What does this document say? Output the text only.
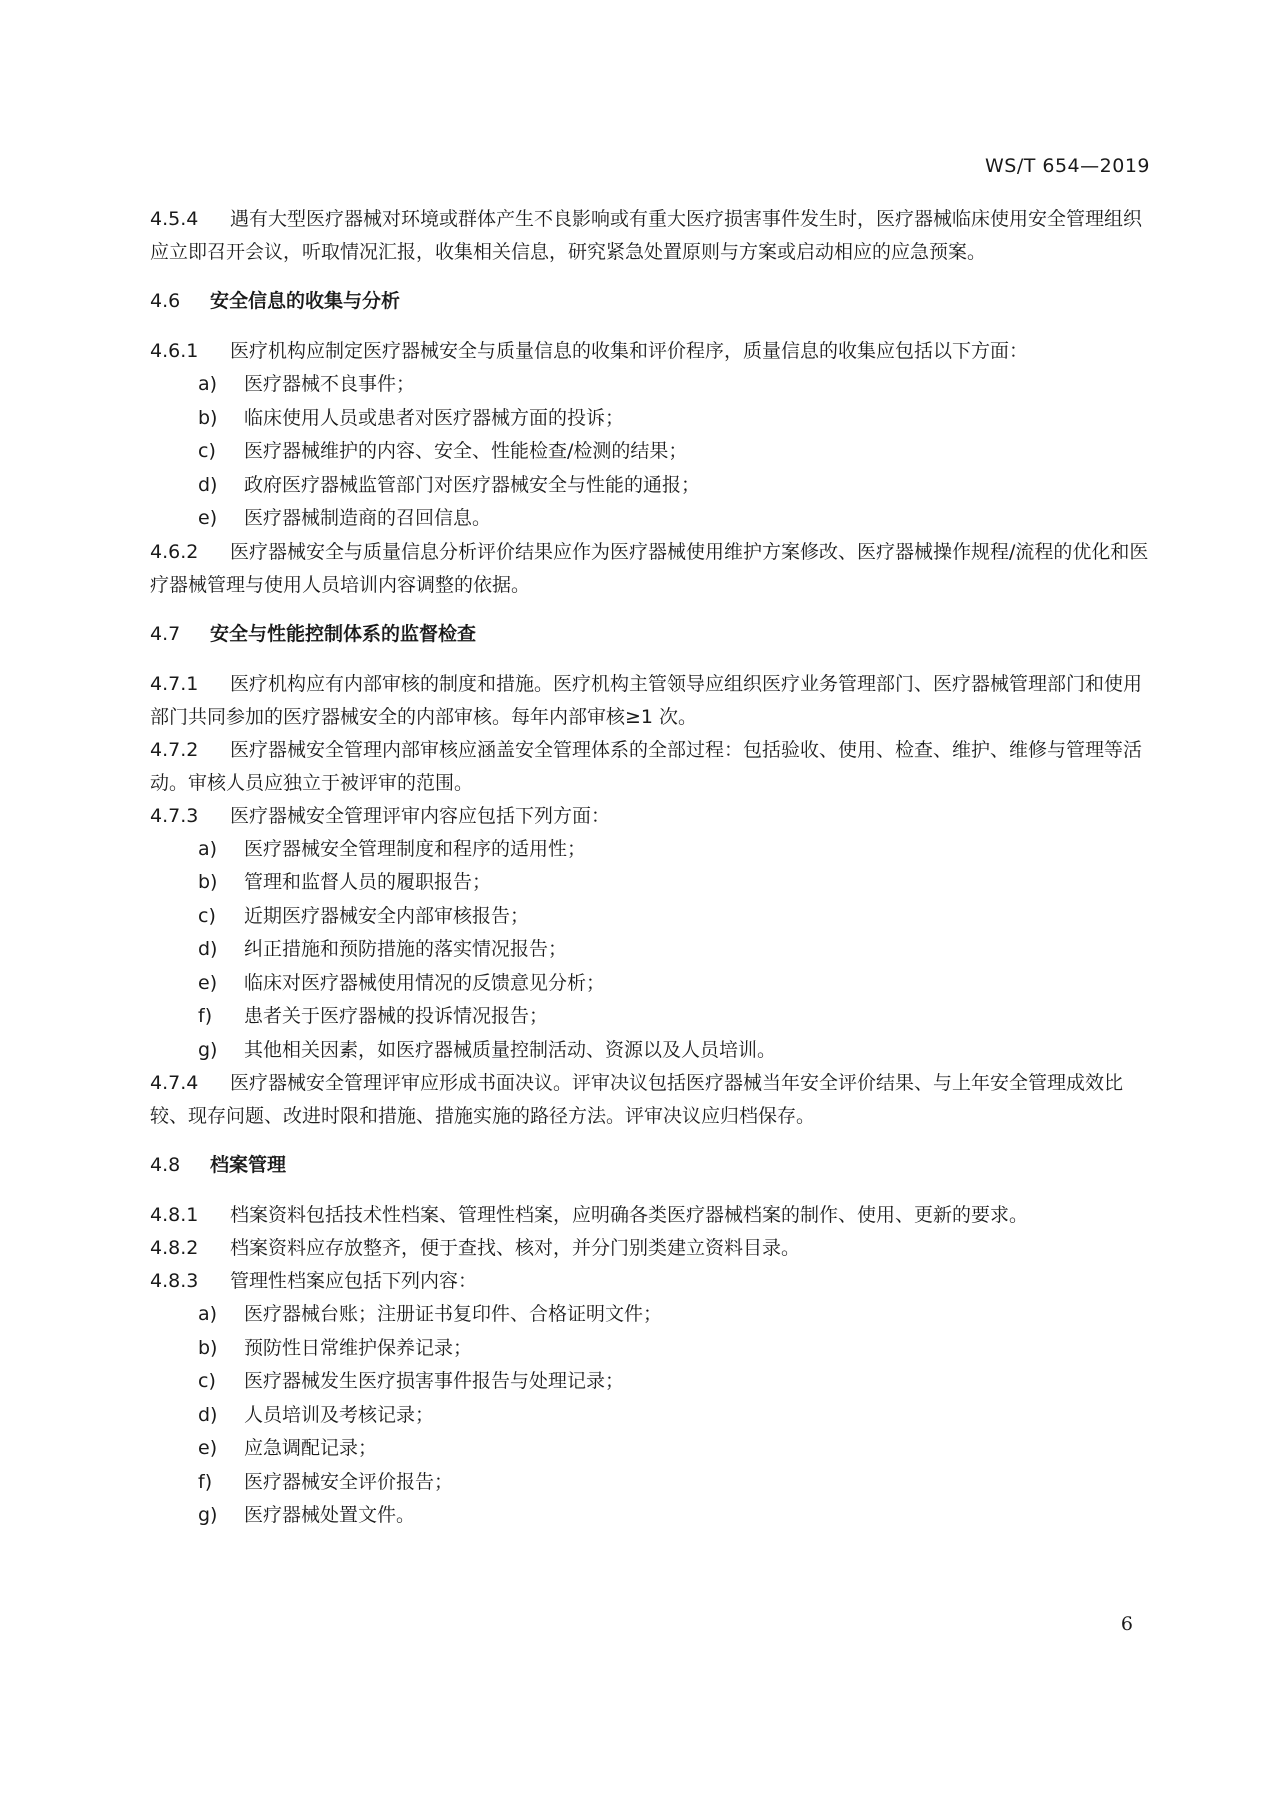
WS/T 654—2019

4.5.4 遇有大型医疗器械对环境或群体产生不良影响或有重大医疗损害事件发生时，医疗器械临床使用安全管理组织应立即召开会议，听取情况汇报，收集相关信息，研究紧急处置原则与方案或启动相应的应急预案。

4.6 安全信息的收集与分析

4.6.1 医疗机构应制定医疗器械安全与质量信息的收集和评价程序，质量信息的收集应包括以下方面：

a) 医疗器械不良事件；
b) 临床使用人员或患者对医疗器械方面的投诉；
c) 医疗器械维护的内容、安全、性能检查/检测的结果；
d) 政府医疗器械监管部门对医疗器械安全与性能的通报；
e) 医疗器械制造商的召回信息。

4.6.2 医疗器械安全与质量信息分析评价结果应作为医疗器械使用维护方案修改、医疗器械操作规程/流程的优化和医疗器械管理与使用人员培训内容调整的依据。

4.7 安全与性能控制体系的监督检查

4.7.1 医疗机构应有内部审核的制度和措施。医疗机构主管领导应组织医疗业务管理部门、医疗器械管理部门和使用部门共同参加的医疗器械安全的内部审核。每年内部审核≥1 次。

4.7.2 医疗器械安全管理内部审核应涵盖安全管理体系的全部过程：包括验收、使用、检查、维护、维修与管理等活动。审核人员应独立于被评审的范围。

4.7.3 医疗器械安全管理评审内容应包括下列方面：

a) 医疗器械安全管理制度和程序的适用性；
b) 管理和监督人员的履职报告；
c) 近期医疗器械安全内部审核报告；
d) 纠正措施和预防措施的落实情况报告；
e) 临床对医疗器械使用情况的反馈意见分析；
f) 患者关于医疗器械的投诉情况报告；
g) 其他相关因素，如医疗器械质量控制活动、资源以及人员培训。

4.7.4 医疗器械安全管理评审应形成书面决议。评审决议包括医疗器械当年安全评价结果、与上年安全管理成效比较、现存问题、改进时限和措施、措施实施的路径方法。评审决议应归档保存。

4.8 档案管理

4.8.1 档案资料包括技术性档案、管理性档案，应明确各类医疗器械档案的制作、使用、更新的要求。

4.8.2 档案资料应存放整齐，便于查找、核对，并分门别类建立资料目录。

4.8.3 管理性档案应包括下列内容：

a) 医疗器械台账；注册证书复印件、合格证明文件；
b) 预防性日常维护保养记录；
c) 医疗器械发生医疗损害事件报告与处理记录；
d) 人员培训及考核记录；
e) 应急调配记录；
f) 医疗器械安全评价报告；
g) 医疗器械处置文件。
6
